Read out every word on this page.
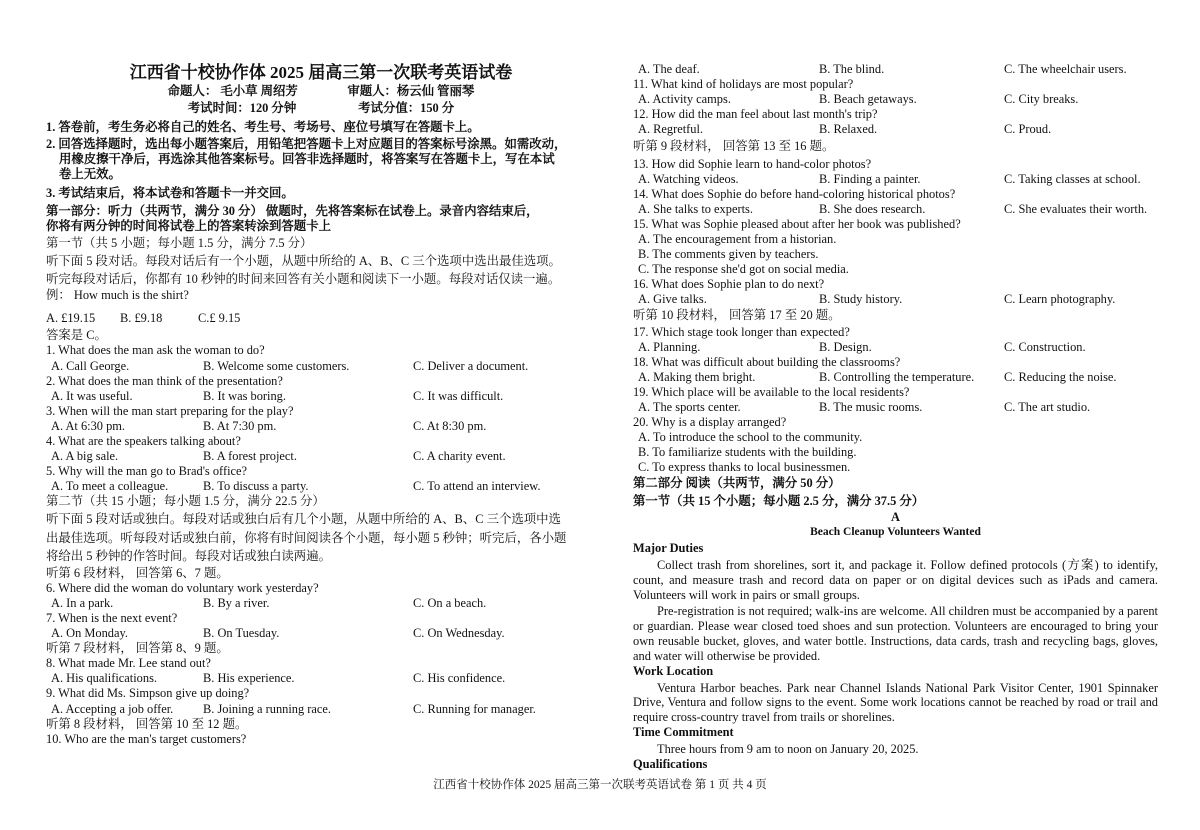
江西省十校协作体 2025 届高三第一次联考英语试卷
命题人： 毛小草 周绍芳　　　　审题人：杨云仙 管丽琴
考试时间：120 分钟　　　　　考试分值：150 分
1. 答卷前，考生务必将自己的姓名、考生号、考场号、座位号填写在答题卡上。
2. 回答选择题时，选出每小题答案后，用铅笔把答题卡上对应题目的答案标号涂黑。如需改动，
用橡皮擦干净后，再选涂其他答案标号。回答非选择题时，将答案写在答题卡上，写在本试
卷上无效。
3. 考试结束后，将本试卷和答题卡一并交回。
第一部分：听力（共两节，满分 30 分） 做题时，先将答案标在试卷上。录音内容结束后，
你将有两分钟的时间将试卷上的答案转涂到答题卡上
第一节（共 5 小题；每小题 1.5 分，满分 7.5 分）
听下面 5 段对话。每段对话后有一个小题，从题中所给的 A、B、C 三个选项中选出最佳选项。
听完每段对话后，你都有 10 秒钟的时间来回答有关小题和阅读下一小题。每段对话仅读一遍。
例： How much is the shirt?
A. £19.15	B. £9.18	C.£ 9.15
答案是 C。
1. What does the man ask the woman to do?
A. Call George.	B. Welcome some customers.	C. Deliver a document.
2. What does the man think of the presentation?
A. It was useful.	B. It was boring.	C. It was difficult.
3. When will the man start preparing for the play?
A. At 6:30 pm.	B. At 7:30 pm.	C. At 8:30 pm.
4. What are the speakers talking about?
A. A big sale.	B. A forest project.	C. A charity event.
5. Why will the man go to Brad's office?
A. To meet a colleague.	B. To discuss a party.	C. To attend an interview.
第二节（共 15 小题；每小题 1.5 分，满分 22.5 分）
听下面 5 段对话或独白。每段对话或独白后有几个小题，从题中所给的 A、B、C 三个选项中选
出最佳选项。听每段对话或独白前，你将有时间阅读各个小题，每小题 5 秒钟；听完后，各小题
将给出 5 秒钟的作答时间。每段对话或独白读两遍。
听第 6 段材料， 回答第 6、7 题。
6. Where did the woman do voluntary work yesterday?
A. In a park.	B. By a river.	C. On a beach.
7. When is the next event?
A. On Monday.	B. On Tuesday.	C. On Wednesday.
听第 7 段材料， 回答第 8、9 题。
8. What made Mr. Lee stand out?
A. His qualifications.	B. His experience.	C. His confidence.
9. What did Ms. Simpson give up doing?
A. Accepting a job offer.	B. Joining a running race.	C. Running for manager.
听第 8 段材料， 回答第 10 至 12 题。
10. Who are the man's target customers?
A. The deaf.	B. The blind.	C. The wheelchair users.
11. What kind of holidays are most popular?
A. Activity camps.	B. Beach getaways.	C. City breaks.
12. How did the man feel about last month's trip?
A. Regretful.	B. Relaxed.	C. Proud.
听第 9 段材料， 回答第 13 至 16 题。
13. How did Sophie learn to hand-color photos?
A. Watching videos.	B. Finding a painter.	C. Taking classes at school.
14. What does Sophie do before hand-coloring historical photos?
A. She talks to experts.	B. She does research.	C. She evaluates their worth.
15. What was Sophie pleased about after her book was published?
A. The encouragement from a historian.
B. The comments given by teachers.
C. The response she'd got on social media.
16. What does Sophie plan to do next?
A. Give talks.	B. Study history.	C. Learn photography.
听第 10 段材料， 回答第 17 至 20 题。
17. Which stage took longer than expected?
A. Planning.	B. Design.	C. Construction.
18. What was difficult about building the classrooms?
A. Making them bright.	B. Controlling the temperature.	C. Reducing the noise.
19. Which place will be available to the local residents?
A. The sports center.	B. The music rooms.	C. The art studio.
20. Why is a display arranged?
A. To introduce the school to the community.
B. To familiarize students with the building.
C. To express thanks to local businessmen.
第二部分 阅读（共两节，满分 50 分）
第一节（共 15 个小题；每小题 2.5 分，满分 37.5 分）
A
Beach Cleanup Volunteers Wanted
Major Duties
Collect trash from shorelines, sort it, and package it. Follow defined protocols (方案) to identify, count, and measure trash and record data on paper or on digital devices such as iPads and camera. Volunteers will work in pairs or small groups.
Pre-registration is not required; walk-ins are welcome. All children must be accompanied by a parent or guardian. Please wear closed toed shoes and sun protection. Volunteers are encouraged to bring your own reusable bucket, gloves, and water bottle. Instructions, data cards, trash and recycling bags, gloves, and water will otherwise be provided.
Work Location
Ventura Harbor beaches. Park near Channel Islands National Park Visitor Center, 1901 Spinnaker Drive, Ventura and follow signs to the event. Some work locations cannot be reached by road or trail and require cross-country travel from trails or shorelines.
Time Commitment
Three hours from 9 am to noon on January 20, 2025.
Qualifications
江西省十校协作体 2025 届高三第一次联考英语试卷 第 1 页 共 4 页
